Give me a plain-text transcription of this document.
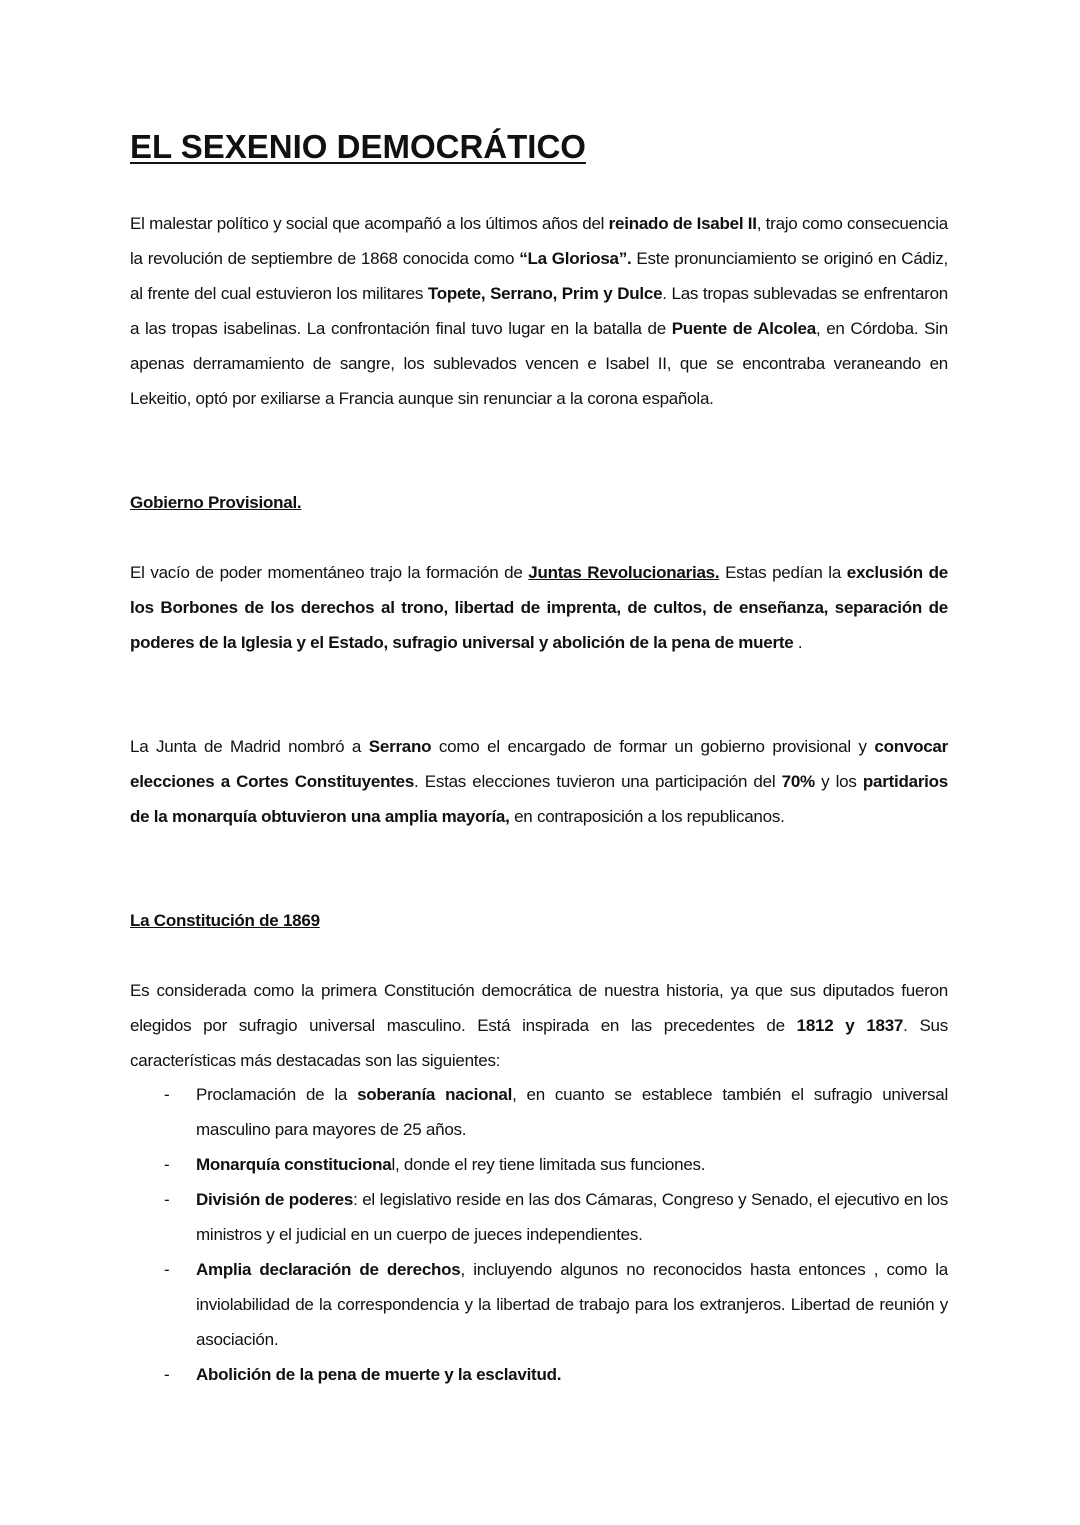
EL SEXENIO DEMOCRÁTICO

El malestar político y social que acompañó a los últimos años del reinado de Isabel II, trajo como consecuencia la revolución de septiembre de 1868 conocida como “La Gloriosa”. Este pronunciamiento se originó en Cádiz, al frente del cual estuvieron los militares Topete, Serrano, Prim y Dulce. Las tropas sublevadas se enfrentaron a las tropas isabelinas. La confrontación final tuvo lugar en la batalla de Puente de Alcolea, en Córdoba. Sin apenas derramamiento de sangre, los sublevados vencen e Isabel II, que se encontraba veraneando en Lekeitio, optó por exiliarse a Francia aunque sin renunciar a la corona española.

Gobierno Provisional.

El vacío de poder momentáneo trajo la formación de Juntas Revolucionarias. Estas pedían la exclusión de los Borbones de los derechos al trono, libertad de imprenta, de cultos, de enseñanza, separación de poderes de la Iglesia y el Estado, sufragio universal y abolición de la pena de muerte .

La Junta de Madrid nombró a Serrano como el encargado de formar un gobierno provisional y convocar elecciones a Cortes Constituyentes. Estas elecciones tuvieron una participación del 70% y los partidarios de la monarquía obtuvieron una amplia mayoría, en contraposición a los republicanos.

La Constitución de 1869

Es considerada como la primera Constitución democrática de nuestra historia, ya que sus diputados fueron elegidos por sufragio universal masculino. Está inspirada en las precedentes de 1812 y 1837. Sus características más destacadas son las siguientes:

- Proclamación de la soberanía nacional, en cuanto se establece también el sufragio universal masculino para mayores de 25 años.
- Monarquía constitucional, donde el rey tiene limitada sus funciones.
- División de poderes: el legislativo reside en las dos Cámaras, Congreso y Senado, el ejecutivo en los ministros y el judicial en un cuerpo de jueces independientes.
- Amplia declaración de derechos, incluyendo algunos no reconocidos hasta entonces , como la inviolabilidad de la correspondencia y la libertad de trabajo para los extranjeros. Libertad de reunión y asociación.
- Abolición de la pena de muerte y la esclavitud.
